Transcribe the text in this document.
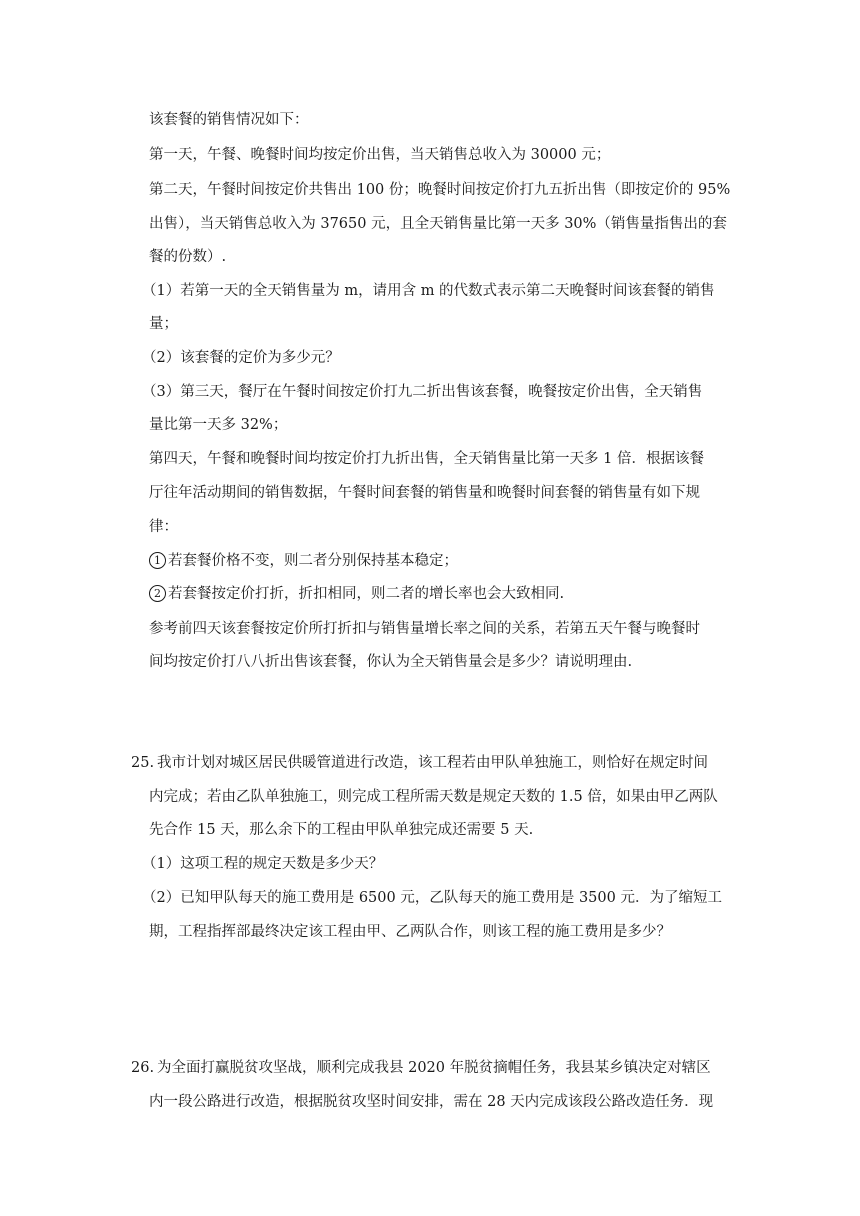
该套餐的销售情况如下：
第一天，午餐、晚餐时间均按定价出售，当天销售总收入为 30000 元；
第二天，午餐时间按定价共售出 100 份；晚餐时间按定价打九五折出售（即按定价的 95%
出售），当天销售总收入为 37650 元，且全天销售量比第一天多 30%（销售量指售出的套
餐的份数）.
（1）若第一天的全天销售量为 m，请用含 m 的代数式表示第二天晚餐时间该套餐的销售
量；
（2）该套餐的定价为多少元？
（3）第三天，餐厅在午餐时间按定价打九二折出售该套餐，晚餐按定价出售，全天销售
量比第一天多 32%；
第四天，午餐和晚餐时间均按定价打九折出售，全天销售量比第一天多 1 倍．根据该餐
厅往年活动期间的销售数据，午餐时间套餐的销售量和晚餐时间套餐的销售量有如下规
律：
1 若套餐价格不变，则二者分别保持基本稳定；
2 若套餐按定价打折，折扣相同，则二者的增长率也会大致相同.
参考前四天该套餐按定价所打折扣与销售量增长率之间的关系，若第五天午餐与晚餐时
间均按定价打八八折出售该套餐，你认为全天销售量会是多少？请说明理由.
25. 我市计划对城区居民供暖管道进行改造，该工程若由甲队单独施工，则恰好在规定时间
内完成；若由乙队单独施工，则完成工程所需天数是规定天数的 1.5 倍，如果由甲乙两队
先合作 15 天，那么余下的工程由甲队单独完成还需要 5 天.
（1）这项工程的规定天数是多少天？
（2）已知甲队每天的施工费用是 6500 元，乙队每天的施工费用是 3500 元．为了缩短工
期，工程指挥部最终决定该工程由甲、乙两队合作，则该工程的施工费用是多少？
26. 为全面打赢脱贫攻坚战，顺利完成我县 2020 年脱贫摘帽任务，我县某乡镇决定对辖区
内一段公路进行改造，根据脱贫攻坚时间安排，需在 28 天内完成该段公路改造任务．现
